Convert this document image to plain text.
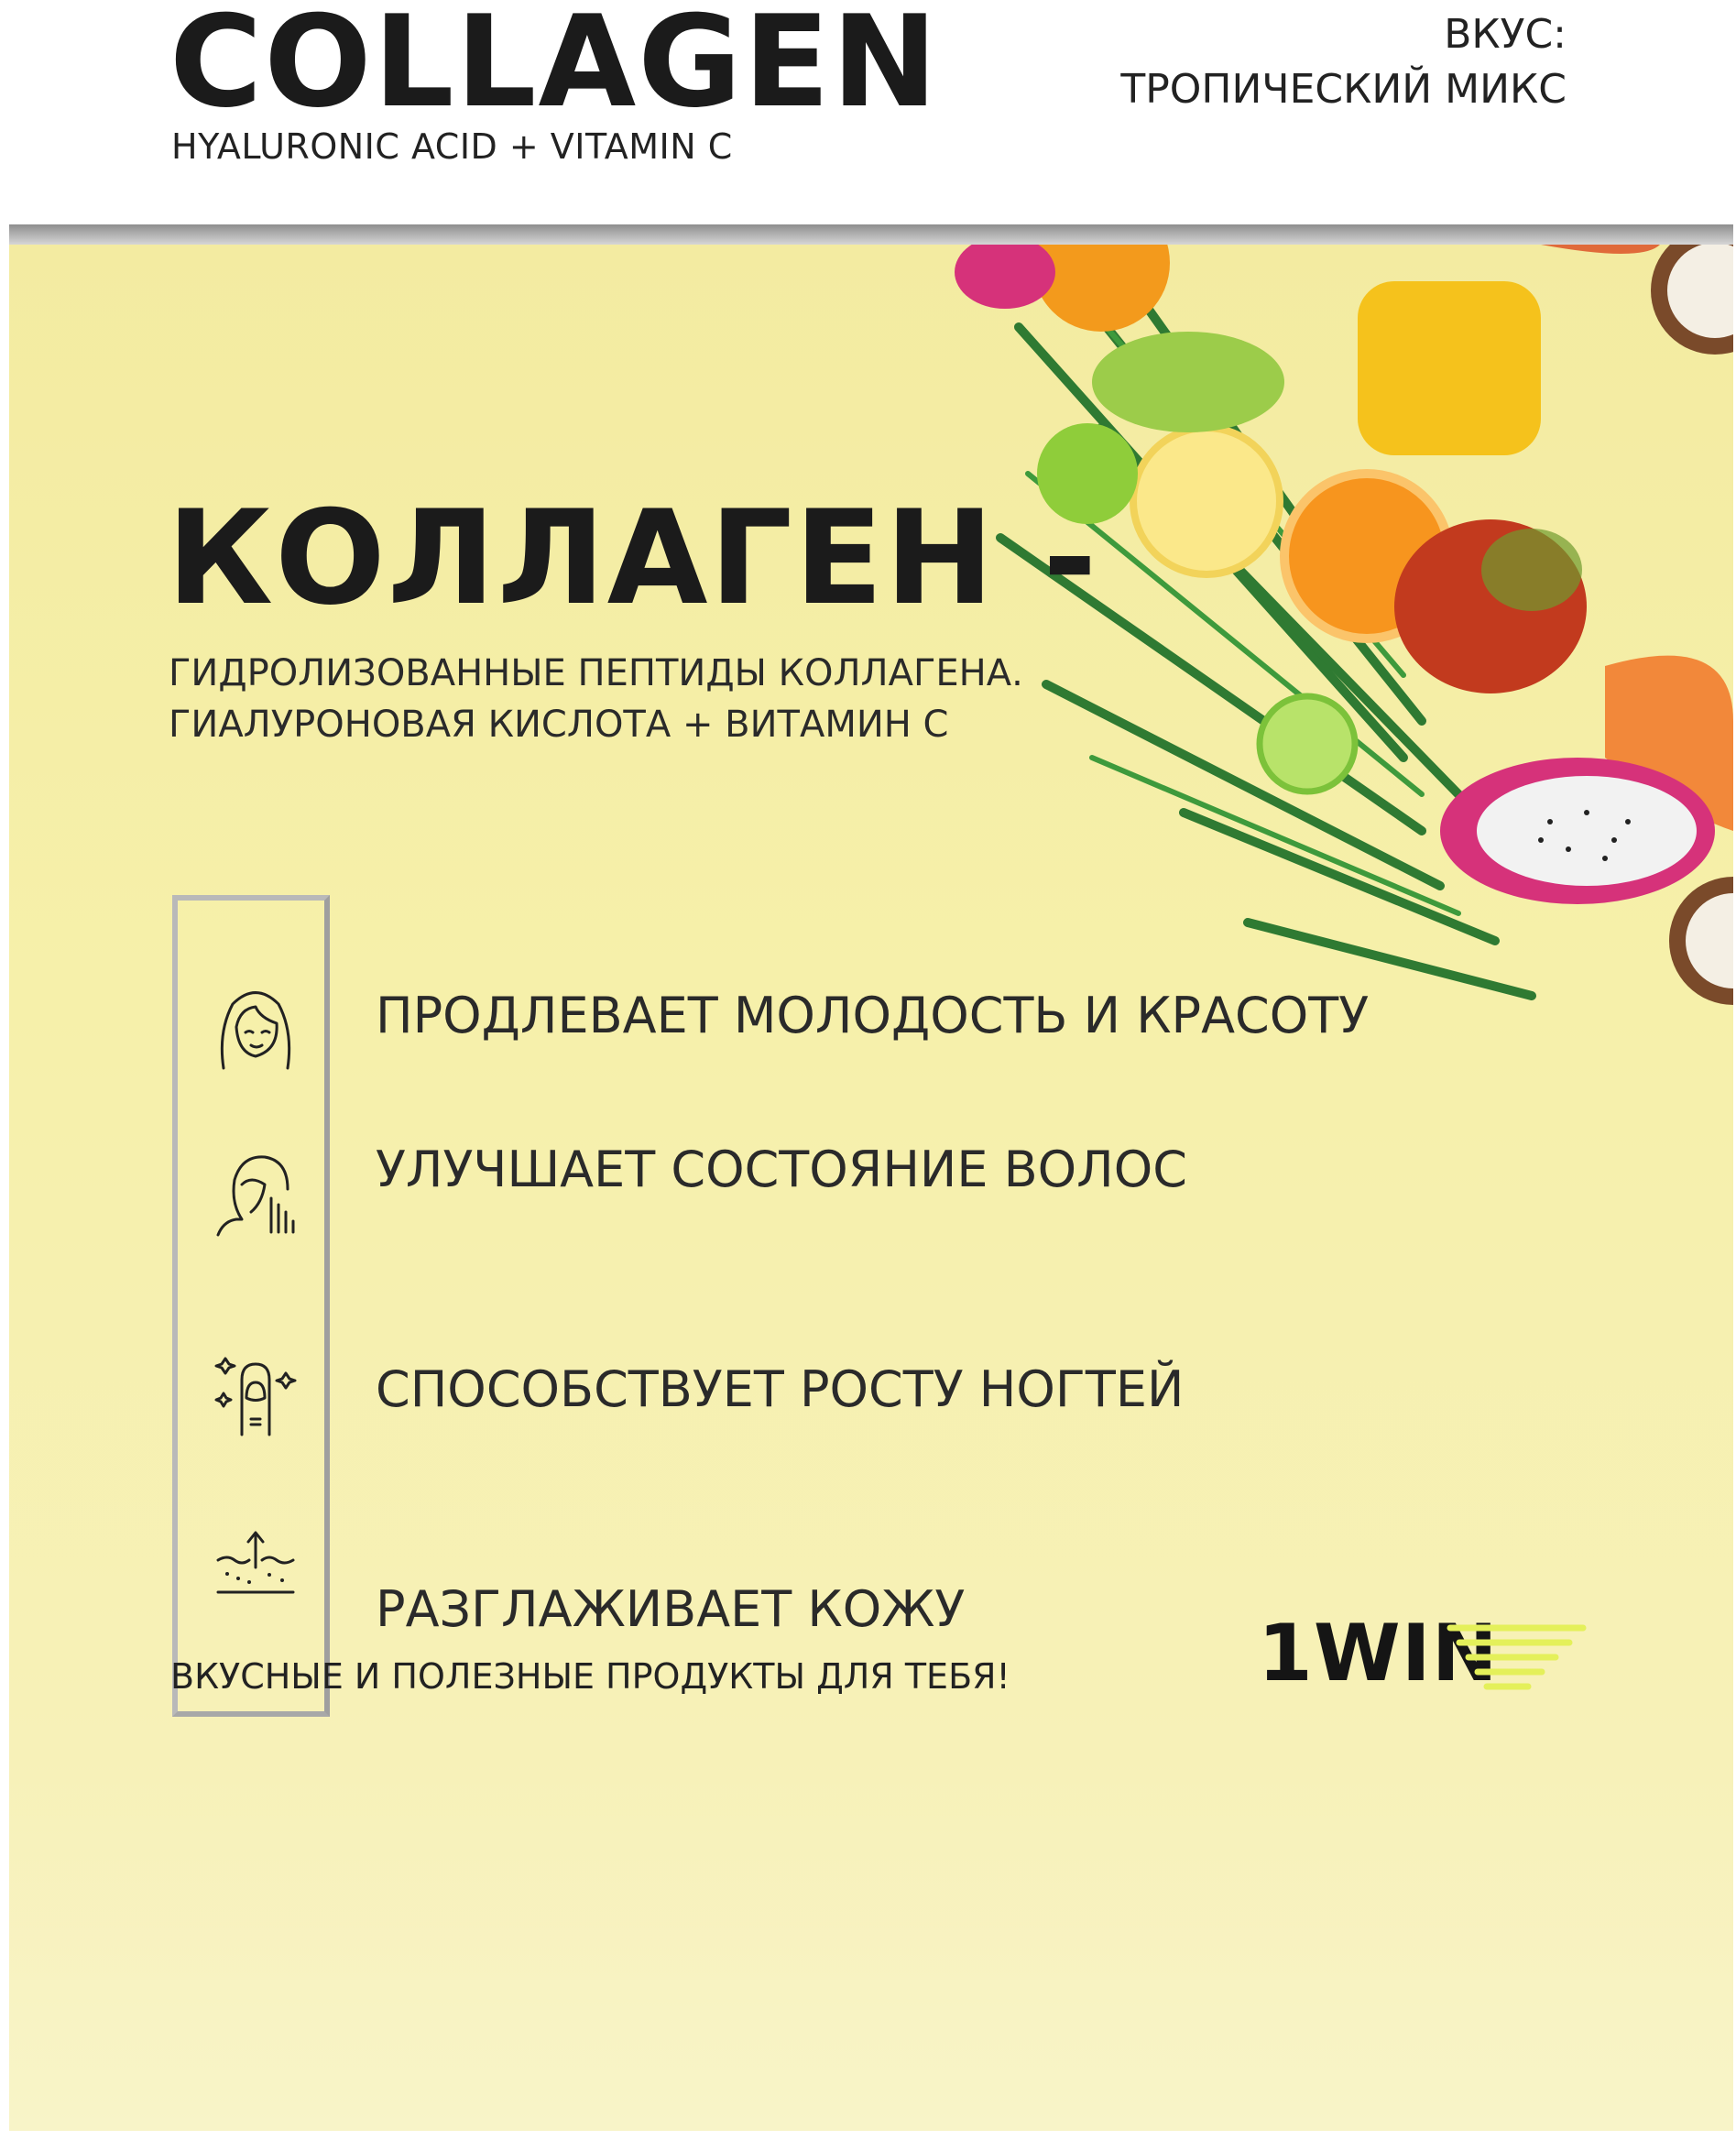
COLLAGEN
HYALURONIC ACID + VITAMIN C
ВКУС:
ТРОПИЧЕСКИЙ МИКС
КОЛЛАГЕН -
ГИДРОЛИЗОВАННЫЕ ПЕПТИДЫ КОЛЛАГЕНА.
ГИАЛУРОНОВАЯ КИСЛОТА + ВИТАМИН С
ПРОДЛЕВАЕТ МОЛОДОСТЬ И КРАСОТУ
УЛУЧШАЕТ СОСТОЯНИЕ ВОЛОС
СПОСОБСТВУЕТ РОСТУ НОГТЕЙ
РАЗГЛАЖИВАЕТ КОЖУ
ВКУСНЫЕ И ПОЛЕЗНЫЕ ПРОДУКТЫ ДЛЯ ТЕБЯ!	1WIN
